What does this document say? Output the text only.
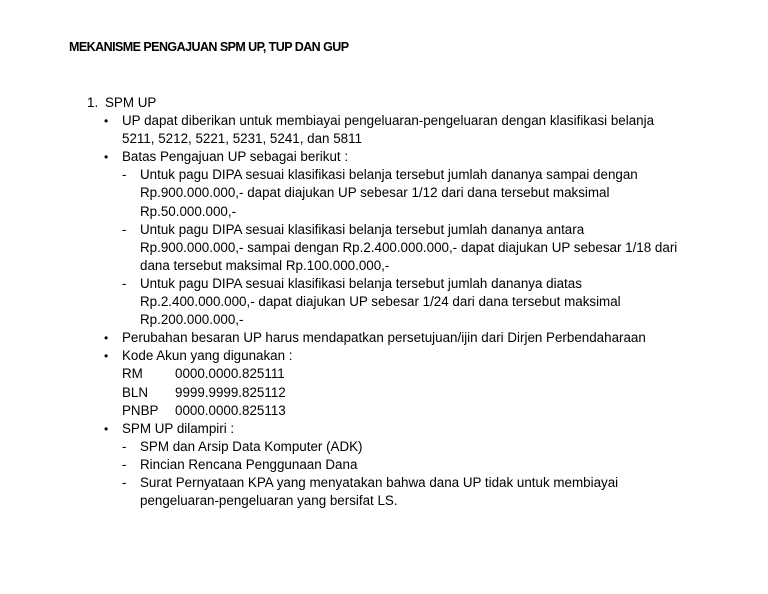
MEKANISME PENGAJUAN SPM UP, TUP DAN GUP
1. SPM UP
• UP dapat diberikan untuk membiayai pengeluaran-pengeluaran dengan klasifikasi belanja
5211, 5212, 5221, 5231, 5241, dan 5811
• Batas Pengajuan UP sebagai berikut :
- Untuk pagu DIPA sesuai klasifikasi belanja tersebut jumlah dananya sampai dengan
Rp.900.000.000,- dapat diajukan UP sebesar 1/12 dari dana tersebut maksimal
Rp.50.000.000,-
- Untuk pagu DIPA sesuai klasifikasi belanja tersebut jumlah dananya antara
Rp.900.000.000,- sampai dengan Rp.2.400.000.000,- dapat diajukan UP sebesar 1/18 dari
dana tersebut maksimal Rp.100.000.000,-
- Untuk pagu DIPA sesuai klasifikasi belanja tersebut jumlah dananya diatas
Rp.2.400.000.000,- dapat diajukan UP sebesar 1/24 dari dana tersebut maksimal
Rp.200.000.000,-
• Perubahan besaran UP harus mendapatkan persetujuan/ijin dari Dirjen Perbendaharaan
• Kode Akun yang digunakan :
RM 0000.0000.825111
BLN 9999.9999.825112
PNBP 0000.0000.825113
• SPM UP dilampiri :
- SPM dan Arsip Data Komputer (ADK)
- Rincian Rencana Penggunaan Dana
- Surat Pernyataan KPA yang menyatakan bahwa dana UP tidak untuk membiayai
pengeluaran-pengeluaran yang bersifat LS.
